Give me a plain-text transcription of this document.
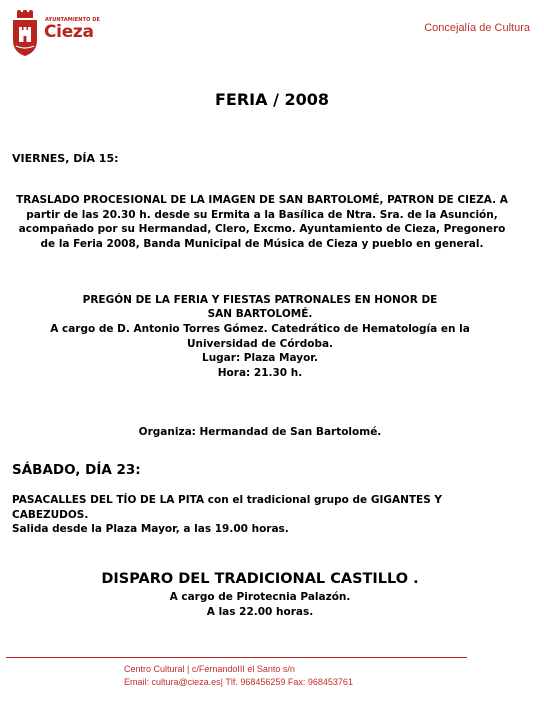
AYUNTAMIENTO DE
Cieza	Concejalía de Cultura
FERIA / 2008
VIERNES, DÍA 15:
TRASLADO PROCESIONAL DE LA IMAGEN DE SAN BARTOLOMÉ, PATRON DE CIEZA. A partir de las 20.30 h. desde su Ermita a la Basílica de Ntra. Sra. de la Asunción, acompañado por su Hermandad, Clero, Excmo. Ayuntamiento de Cieza, Pregonero de la Feria 2008, Banda Municipal de Música de Cieza y pueblo en general.
PREGÓN DE LA FERIA Y FIESTAS PATRONALES EN HONOR DE
SAN BARTOLOMÉ.
A cargo de D. Antonio Torres Gómez. Catedrático de Hematología en la
Universidad de Córdoba.
Lugar: Plaza Mayor.
Hora: 21.30 h.
Organiza: Hermandad de San Bartolomé.
SÁBADO, DÍA 23:
PASACALLES DEL TÍO DE LA PITA con el tradicional grupo de GIGANTES Y CABEZUDOS.
Salida desde la Plaza Mayor, a las 19.00 horas.
DISPARO DEL TRADICIONAL CASTILLO .
A cargo de Pirotecnia Palazón.
A las 22.00 horas.
Centro Cultural | c/FernandoIII el Santo s/n
Email: cultura@cieza.es| Tlf. 968456259 Fax: 968453761
